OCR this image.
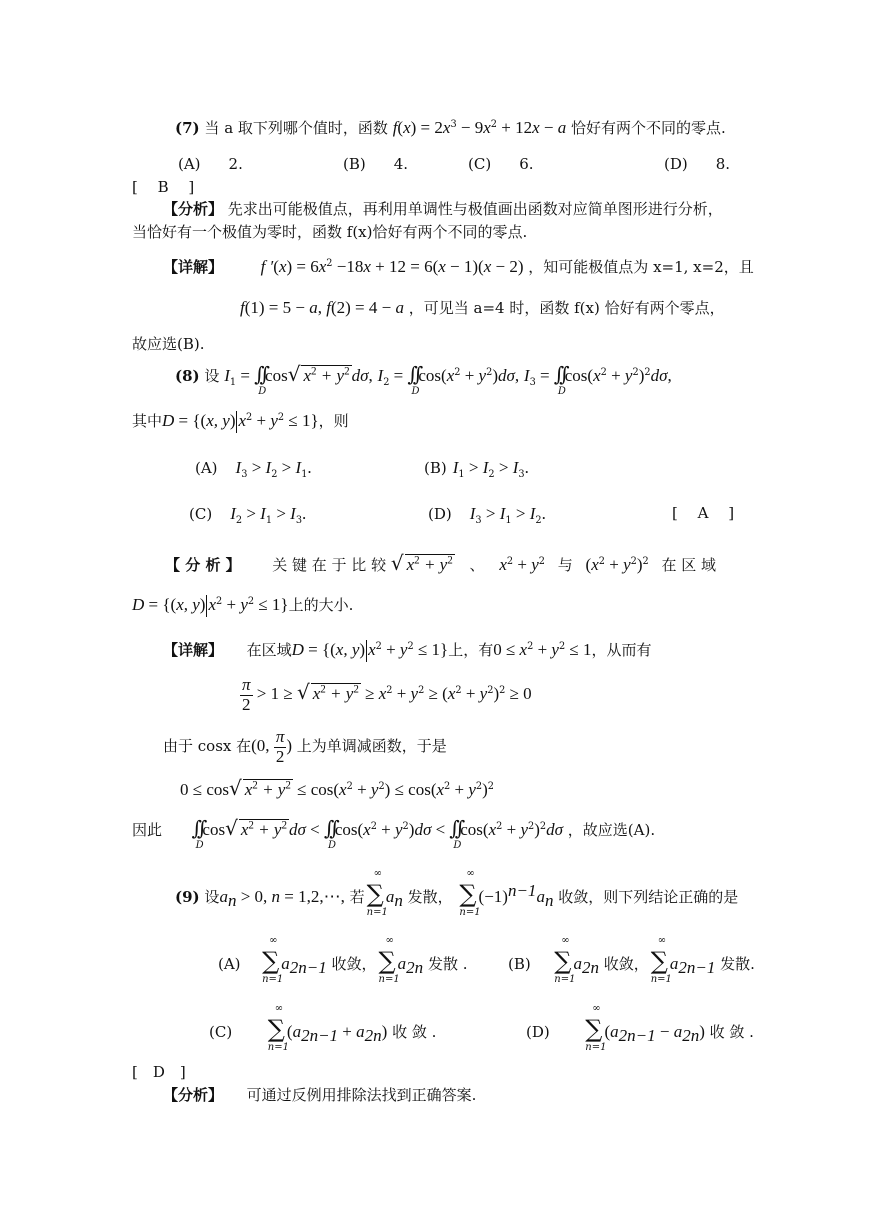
(7) 当 a 取下列哪个值时，函数 $f(x) = 2x^3 - 9x^2 + 12x - a$ 恰好有两个不同的零点.
(A) 2.	(B) 4.	(C) 6.	(D) 8.
[　 B 　]
【分析】 先求出可能极值点，再利用单调性与极值画出函数对应简单图形进行分析，
当恰好有一个极值为零时，函数 f(x)恰好有两个不同的零点.
【详解】 f $'(x) = 6x^2 -18x + 12 = 6(x - 1)(x - 2)$ ，知可能极值点为 x=1, x=2，且
f(1) = 5 − a, f(2) = 4 − a ，可见当 a=4 时，函数 f(x) 恰好有两个零点，
故应选(B).
(8) 设 $I_1$ = ∫∫
D
cos√ $x^2 + y^2$ dσ, $I_2$ = ∫∫
D
$\cos(x^2 + y^2)d\sigma$, $I_3$ = ∫∫
D
$\cos(x^2 + y^2)^2d\sigma$,
其中D = {(x, y) $x^2 + y^2 \le 1$}，则
(A) $I_3 > I_2 > I_1$.	(B) $I_1 > I_2 > I_3$.
(C) $I_2 > I_1 > I_3$.	(D) $I_3 > I_1 > I_2$.	[　 A 　]
【 分 析 】 关 键 在 于 比 较 √ $x^2 + y^2$ 、 $x^2 + y^2$ 与 $(x^2 + y^2)^2$ 在 区 域
D = {(x, y) $x^2 + y^2 \le 1$}上的大小.
【详解】 在区域D = {(x, y) $x^2 + y^2 \le 1$}上，有$0 \le x^2 + y^2 \le 1$，从而有
$\frac{\pi}{2} > 1$ ≥ √ $x^2 + y^2 \ge x^2 + y^2 \ge (x^2 + y^2)^2 \ge 0$
由于 cosx 在(0, $\frac{\pi}{2}$ ) 上为单调减函数，于是
0 ≤ cos√ $x^2 + y^2 \le \cos(x^2 + y^2) \le \cos(x^2 + y^2)^2$
因此 ∫∫
D
cos√ $x^2 + y^2$ dσ < ∫∫
D
$\cos(x^2 + y^2)d\sigma$ < ∫∫
D
$\cos(x^2 + y^2)^2d\sigma$ ，故应选(A).
(9) 设$a_n > 0$, n = 1,2,⋯, 若∑
∞
n=1
$a_n$ 发散， ∑
∞
n=1
$(-1)^{n-1}a_n$ 收敛，则下列结论正确的是
(A) ∑
∞
n=1
$a_{2n-1}$ 收敛，∑
∞
n=1
$a_{2n}$ 发散 .	(B) ∑
∞
n=1
$a_{2n}$ 收敛，∑
∞
n=1
$a_{2n-1}$ 发散.
(C) ∑
∞
n=1
$(a_{2n-1} + a_{2n})$ 收 敛 .	(D) ∑
∞
n=1
$(a_{2n-1} - a_{2n})$ 收 敛 .
[　D　]
【分析】 可通过反例用排除法找到正确答案.
